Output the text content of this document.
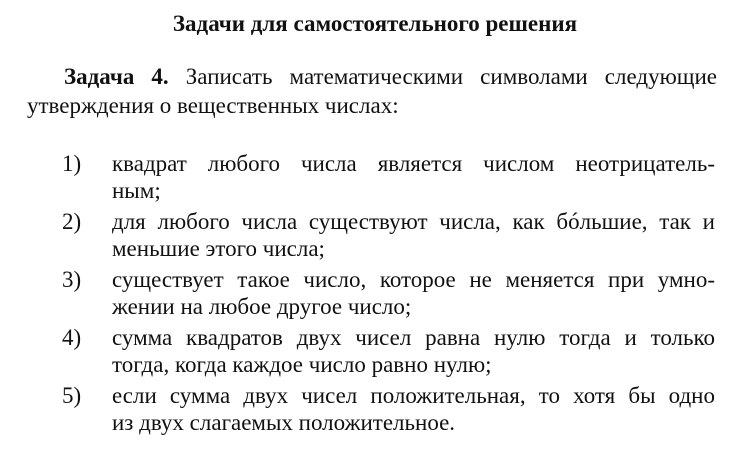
Задачи для самостоятельного решения
Задача 4. Записать математическими символами следующие утверждения о вещественных числах:
1) квадрат любого числа является числом неотрицатель-
ным;
2) для любого числа существуют числа, как бóльшие, так и
меньшие этого числа;
3) существует такое число, которое не меняется при умно-
жении на любое другое число;
4) сумма квадратов двух чисел равна нулю тогда и только
тогда, когда каждое число равно нулю;
5) если сумма двух чисел положительная, то хотя бы одно
из двух слагаемых положительное.
